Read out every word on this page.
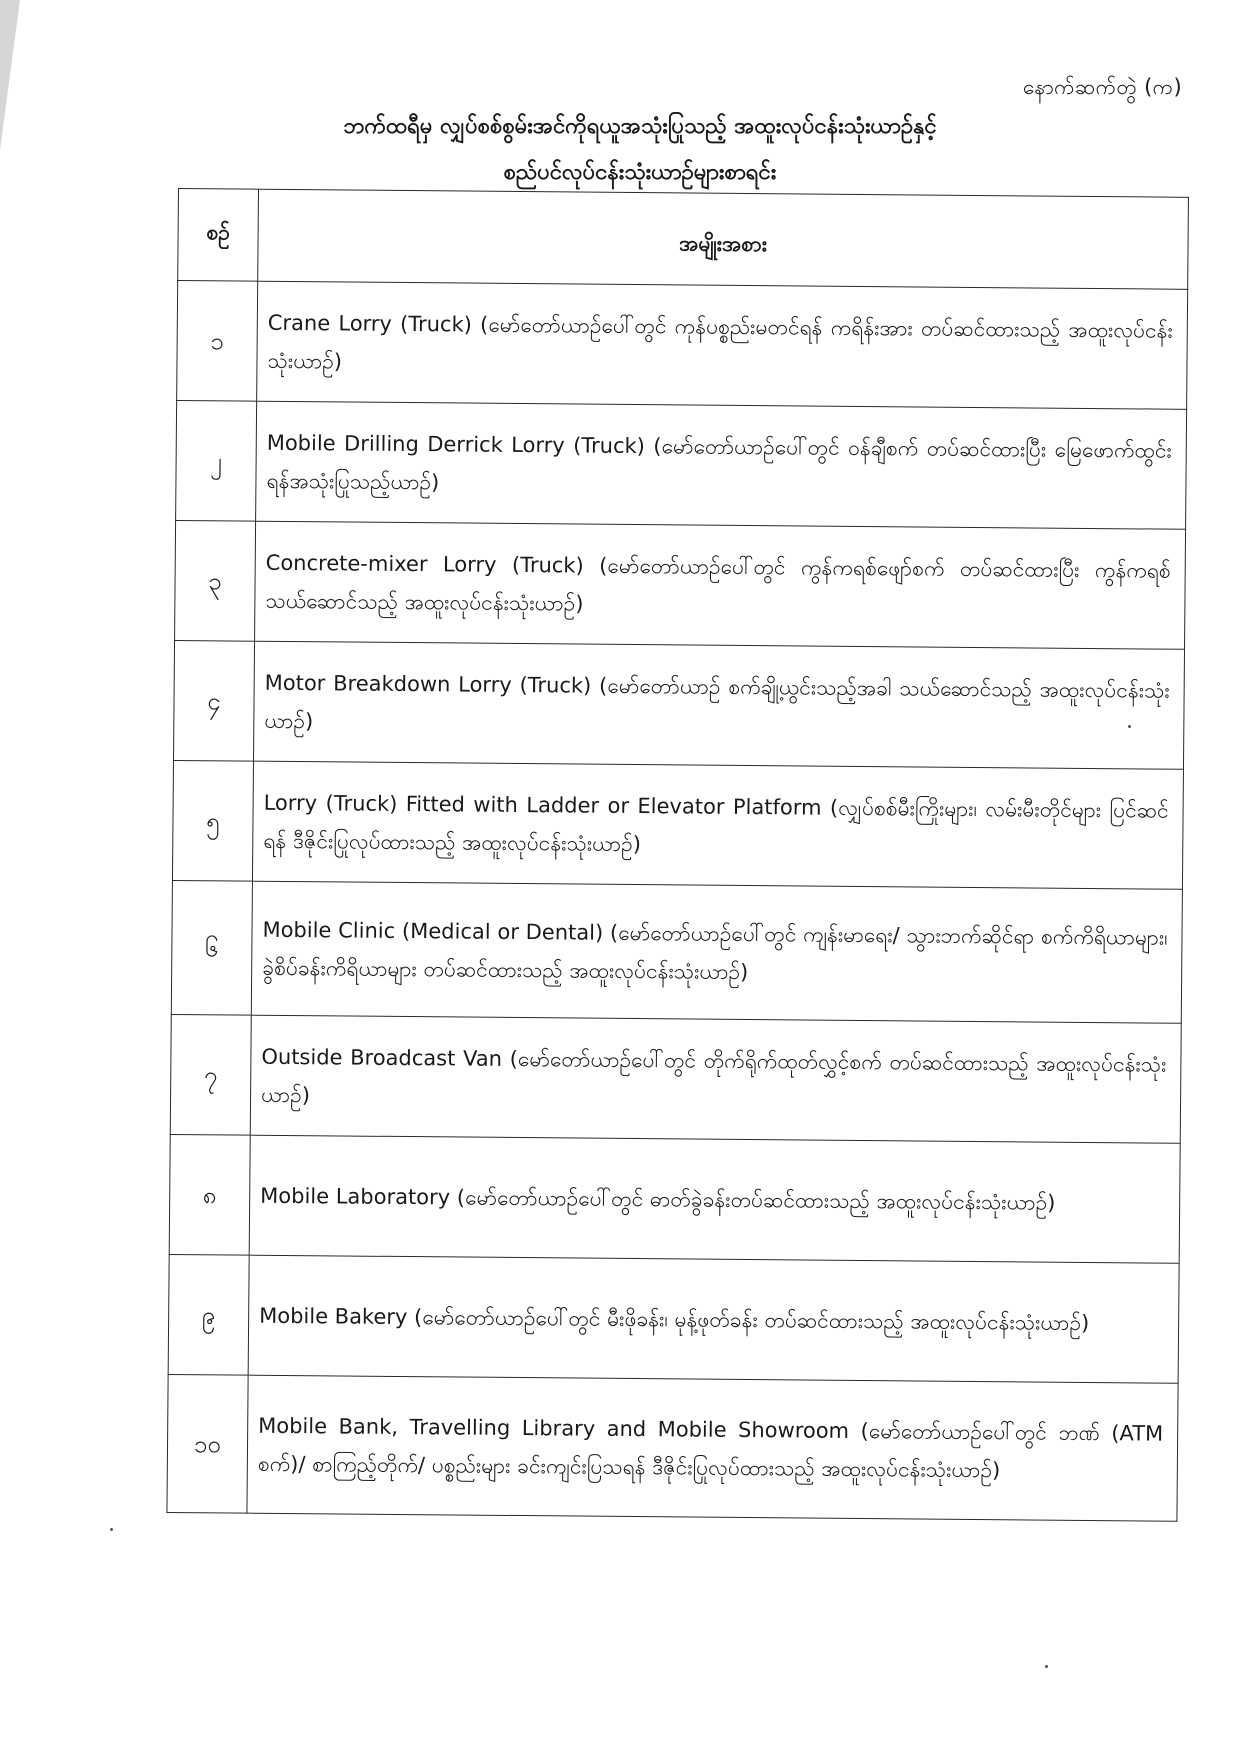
နောက်ဆက်တွဲ (က)
ဘက်ထရီမှ လျှပ်စစ်စွမ်းအင်ကိုရယူအသုံးပြုသည့် အထူးလုပ်ငန်းသုံးယာဉ်နှင့်
စည်ပင်လုပ်ငန်းသုံးယာဉ်များစာရင်း
စဉ်	အမျိုးအစား
၁	Crane Lorry (Truck) (မော်တော်ယာဉ်ပေါ်တွင် ကုန်ပစ္စည်းမတင်ရန် ကရိန်းအား တပ်ဆင်ထားသည့် အထူးလုပ်ငန်းသုံးယာဉ်)
၂	Mobile Drilling Derrick Lorry (Truck) (မော်တော်ယာဉ်ပေါ်တွင် ဝန်ချီစက် တပ်ဆင်ထားပြီး မြေဖောက်ထွင်းရန်အသုံးပြုသည့်ယာဉ်)
၃	Concrete-mixer Lorry (Truck) (မော်တော်ယာဉ်ပေါ်တွင် ကွန်ကရစ်ဖျော်စက် တပ်ဆင်ထားပြီး ကွန်ကရစ်သယ်ဆောင်သည့် အထူးလုပ်ငန်းသုံးယာဉ်)
၄	Motor Breakdown Lorry (Truck) (မော်တော်ယာဉ် စက်ချို့ယွင်းသည့်အခါ သယ်ဆောင်သည့် အထူးလုပ်ငန်းသုံးယာဉ်)
၅	Lorry (Truck) Fitted with Ladder or Elevator Platform (လျှပ်စစ်မီးကြိုးများ၊ လမ်းမီးတိုင်များ ပြင်ဆင်ရန် ဒီဇိုင်းပြုလုပ်ထားသည့် အထူးလုပ်ငန်းသုံးယာဉ်)
၆	Mobile Clinic (Medical or Dental) (မော်တော်ယာဉ်ပေါ်တွင် ကျန်းမာရေး/ သွားဘက်ဆိုင်ရာ စက်ကိရိယာများ၊ ခွဲစိပ်ခန်းကိရိယာများ တပ်ဆင်ထားသည့် အထူးလုပ်ငန်းသုံးယာဉ်)
၇	Outside Broadcast Van (မော်တော်ယာဉ်ပေါ်တွင် တိုက်ရိုက်ထုတ်လွှင့်စက် တပ်ဆင်ထားသည့် အထူးလုပ်ငန်းသုံးယာဉ်)
၈	Mobile Laboratory (မော်တော်ယာဉ်ပေါ်တွင် ဓာတ်ခွဲခန်းတပ်ဆင်ထားသည့် အထူးလုပ်ငန်းသုံးယာဉ်)
၉	Mobile Bakery (မော်တော်ယာဉ်ပေါ်တွင် မီးဖိုခန်း၊ မုန့်ဖုတ်ခန်း တပ်ဆင်ထားသည့် အထူးလုပ်ငန်းသုံးယာဉ်)
၁၀	Mobile Bank, Travelling Library and Mobile Showroom (မော်တော်ယာဉ်ပေါ်တွင် ဘဏ် (ATM စက်)/ စာကြည့်တိုက်/ ပစ္စည်းများ ခင်းကျင်းပြသရန် ဒီဇိုင်းပြုလုပ်ထားသည့် အထူးလုပ်ငန်းသုံးယာဉ်)
